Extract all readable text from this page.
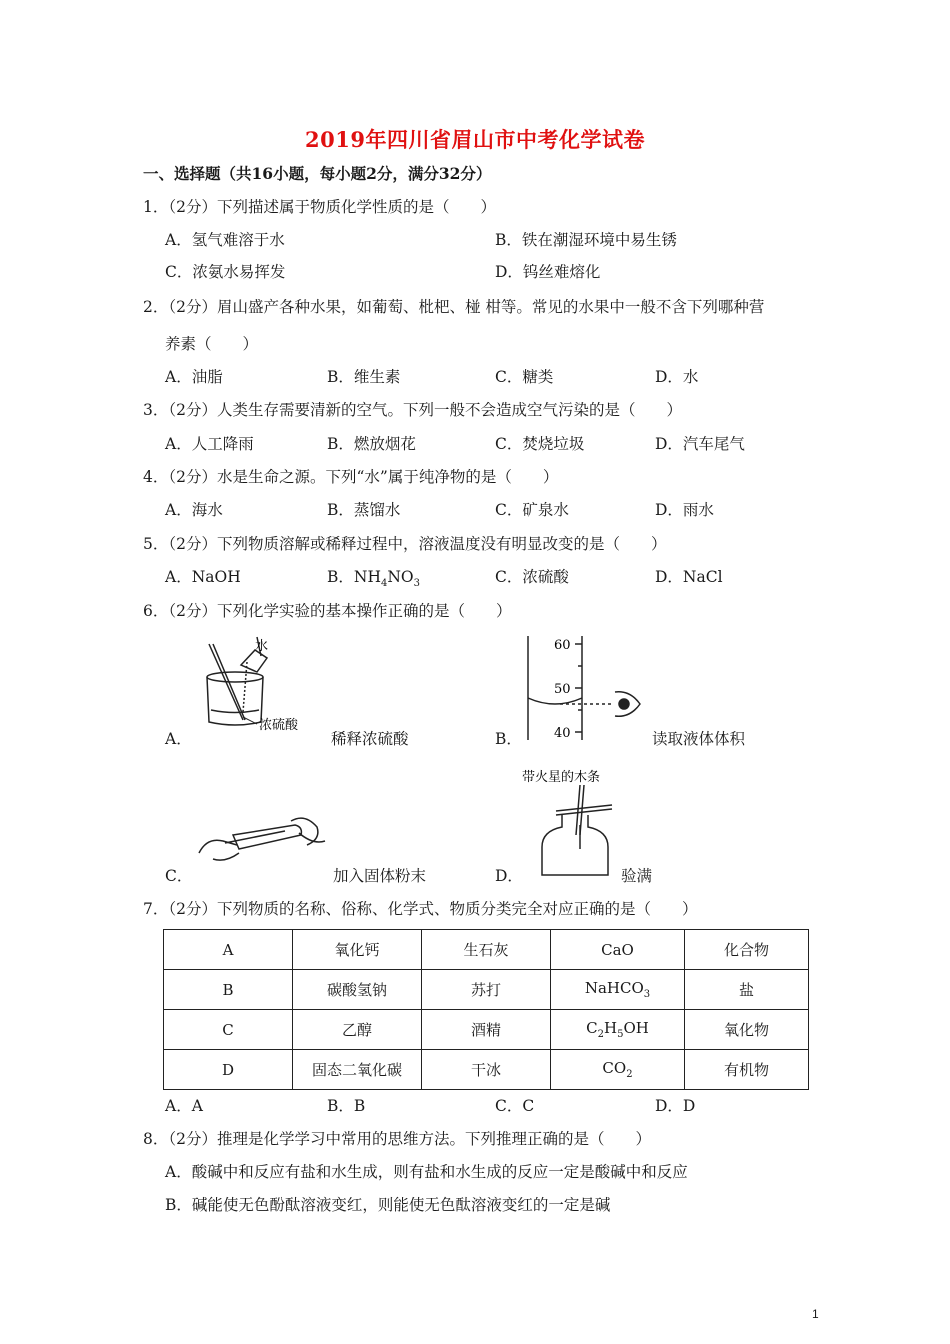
2019年四川省眉山市中考化学试卷
一、选择题（共16小题，每小题2分，满分32分）
1．（2分）下列描述属于物质化学性质的是（　　）
A．氢气难溶于水	B．铁在潮湿环境中易生锈
C．浓氨水易挥发	D．钨丝难熔化
2．（2分）眉山盛产各种水果，如葡萄、枇杷、椪 柑等。常见的水果中一般不含下列哪种营
养素（　　）
A．油脂	B．维生素	C．糖类	D．水
3．（2分）人类生存需要清新的空气。下列一般不会造成空气污染的是（　　）
A．人工降雨	B．燃放烟花	C．焚烧垃圾	D．汽车尾气
4．（2分）水是生命之源。下列“水”属于纯净物的是（　　）
A．海水	B．蒸馏水	C．矿泉水	D．雨水
5．（2分）下列物质溶解或稀释过程中，溶液温度没有明显改变的是（　　）
A．NaOH	B．$NH_4NO_3$	C．浓硫酸	D．NaCl
6．（2分）下列化学实验的基本操作正确的是（　　）
水
浓硫酸
A．	稀释浓硫酸
60
50
40
B．	读取液体体积
C．	加入固体粉末
带火星的木条
D．	验满
7．（2分）下列物质的名称、俗称、化学式、物质分类完全对应正确的是（　　）
A	氧化钙	生石灰	CaO	化合物
B	碳酸氢钠	苏打	NaHCO$_3$	盐
C	乙醇	酒精	$C_2H_5OH$	氧化物
D	固态二氧化碳	干冰	$CO_2$	有机物
A．A	B．B	C．C	D．D
8．（2分）推理是化学学习中常用的思维方法。下列推理正确的是（　　）
A．酸碱中和反应有盐和水生成，则有盐和水生成的反应一定是酸碱中和反应
B．碱能使无色酚酞溶液变红，则能使无色酞溶液变红的一定是碱
1
